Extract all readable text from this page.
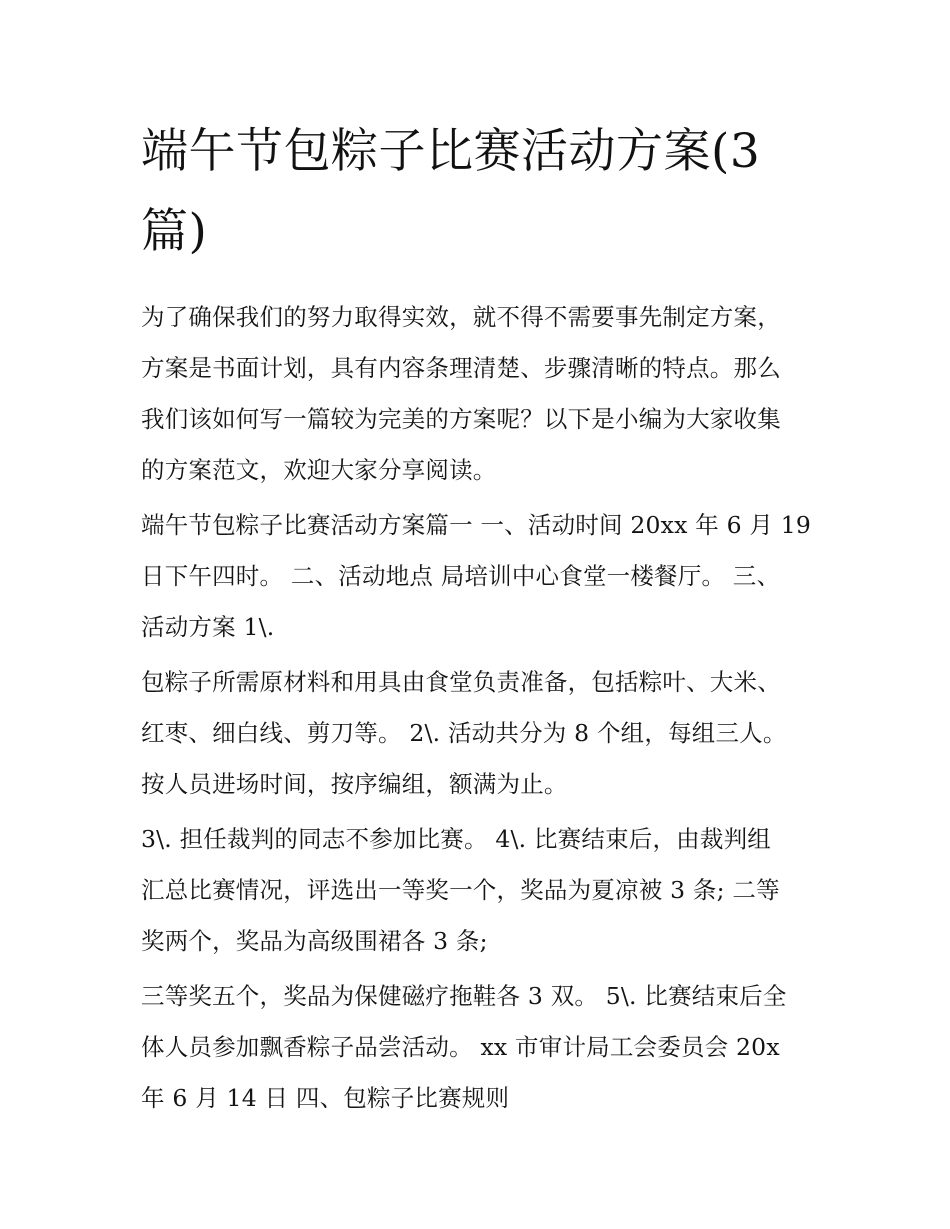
端午节包粽子比赛活动方案(3
篇)

为了确保我们的努力取得实效，就不得不需要事先制定方案，
方案是书面计划，具有内容条理清楚、步骤清晰的特点。那么
我们该如何写一篇较为完美的方案呢？以下是小编为大家收集
的方案范文，欢迎大家分享阅读。

端午节包粽子比赛活动方案篇一 一、活动时间 20xx 年 6 月 19
日下午四时。 二、活动地点 局培训中心食堂一楼餐厅。 三、
活动方案 1\.

包粽子所需原材料和用具由食堂负责准备，包括粽叶、大米、
红枣、细白线、剪刀等。 2\. 活动共分为 8 个组，每组三人。
按人员进场时间，按序编组，额满为止。

3\. 担任裁判的同志不参加比赛。 4\. 比赛结束后，由裁判组
汇总比赛情况，评选出一等奖一个，奖品为夏凉被 3 条; 二等
奖两个，奖品为高级围裙各 3 条;

三等奖五个，奖品为保健磁疗拖鞋各 3 双。 5\. 比赛结束后全
体人员参加飘香粽子品尝活动。 xx 市审计局工会委员会 20x
年 6 月 14 日 四、包粽子比赛规则
